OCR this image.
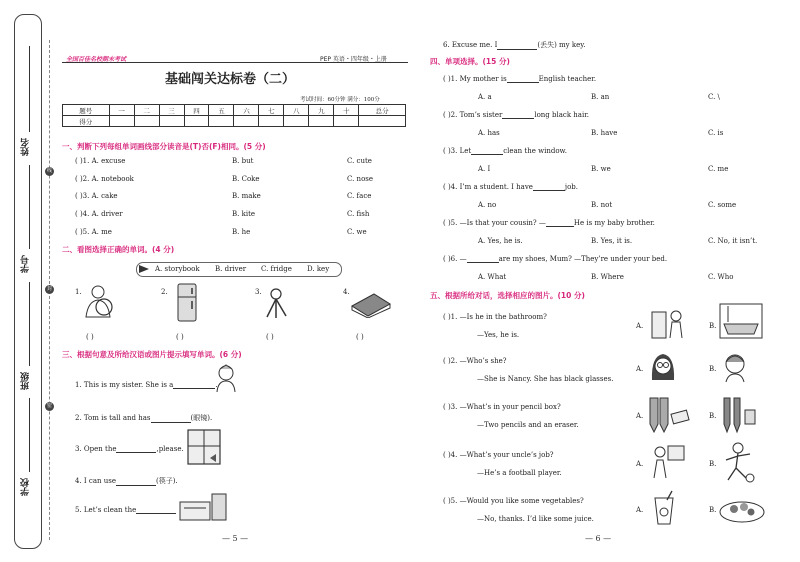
姓名
学号
班级
学校
线
封
密
全国百佳名校期末考试	PEP 英语・四年级・上册
基础闯关达标卷（二）
考试时间：60分钟 满分：100分
题号	一	二	三	四	五	六	七	八	九	十	总分
得分											
一、判断下列每组单词画线部分读音是(T)否(F)相同。(5 分)
( )1. A. excuse	B. but	C. cute
( )2. A. notebook	B. Coke	C. nose
( )3. A. cake	B. make	C. face
( )4. A. driver	B. kite	C. fish
( )5. A. me	B. he	C. we
二、看图选择正确的单词。(4 分)
A. storybook B. driver C. fridge D. key
1.
( )
2.
( )
3.
( )
4.
( )
三、根据句意及所给汉语或图片提示填写单词。(6 分)
1. This is my sister. She is a	.
2. Tom is tall and has	(眼镜).
3. Open the	,please.
4. I can use	(筷子).
5. Let’s clean the
— 5 —
6. Excuse me. I	(丢失) my key.
四、单项选择。(15 分)
( )1. My mother is	English teacher.
A. a	B. an	C. \
( )2. Tom’s sister	long black hair.
A. has	B. have	C. is
( )3. Let	clean the window.
A. I	B. we	C. me
( )4. I’m a student. I have	job.
A. no	B. not	C. some
( )5. —Is that your cousin? —	He is my baby brother.
A. Yes, he is.	B. Yes, it is.	C. No, it isn’t.
( )6. —	are my shoes, Mum? —They’re under your bed.
A. What	B. Where	C. Who
五、根据所给对话，选择相应的图片。(10 分)
( )1. —Is he in the bathroom?
—Yes, he is.
A.	B.
( )2. —Who’s she?
—She is Nancy. She has black glasses.
A.	B.
( )3. —What’s in your pencil box?
—Two pencils and an eraser.
A.	B.
( )4. —What’s your uncle’s job?
—He’s a football player.
A.	B.
( )5. —Would you like some vegetables?
—No, thanks. I’d like some juice.
A.	B.
— 6 —
